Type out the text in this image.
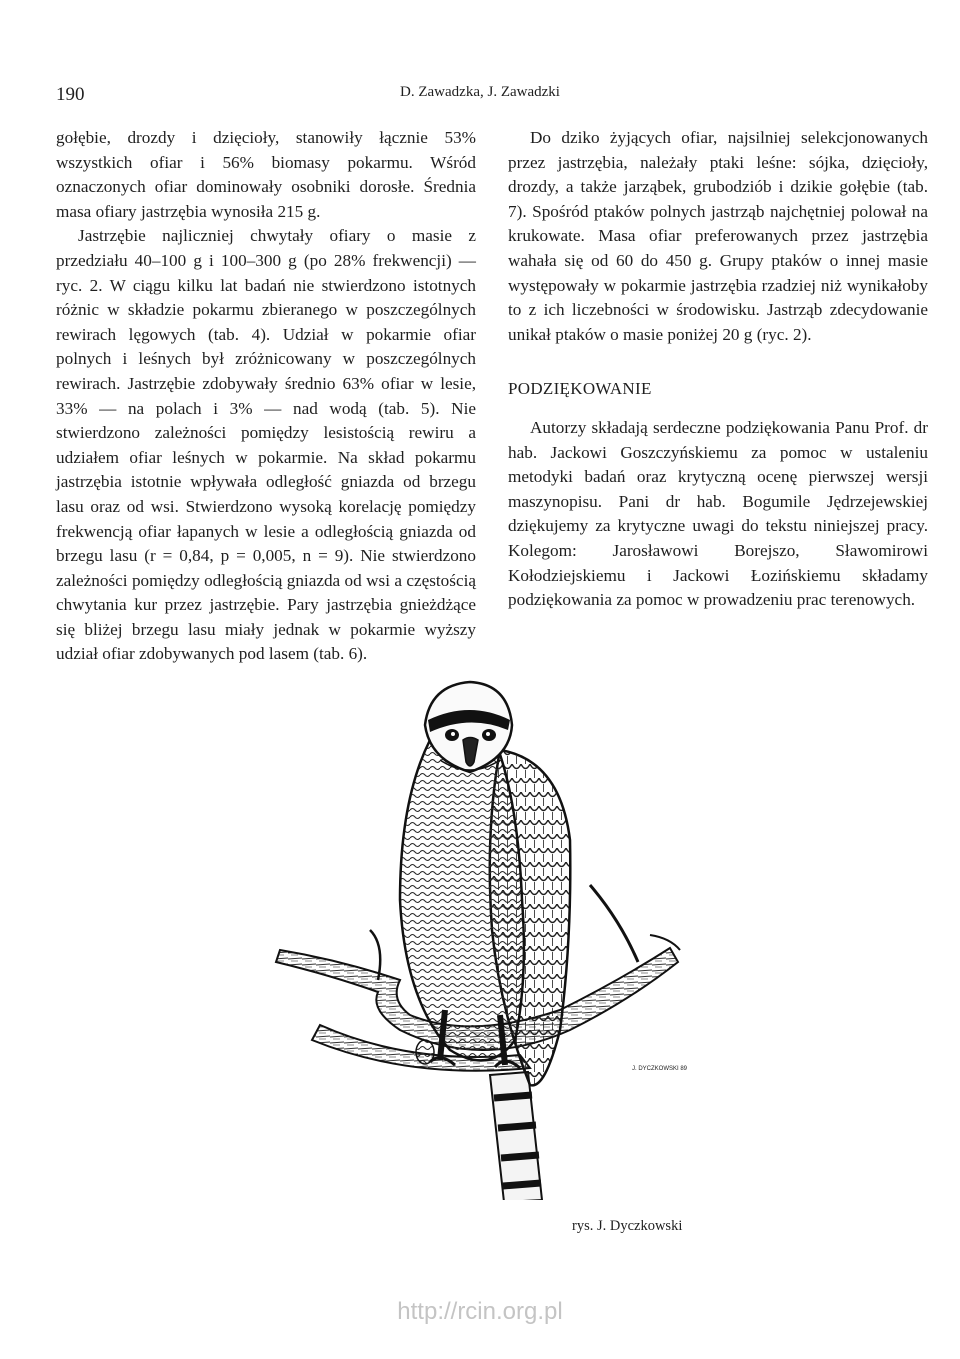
190	D. Zawadzka, J. Zawadzki

gołębie, drozdy i dzięcioły, stanowiły łącznie 53% wszystkich ofiar i 56% biomasy pokarmu. Wśród oznaczonych ofiar dominowały osobniki dorosłe. Średnia masa ofiary jastrzębia wynosiła 215 g.

Jastrzębie najliczniej chwytały ofiary o masie z przedziału 40–100 g i 100–300 g (po 28% frekwencji) — ryc. 2. W ciągu kilku lat badań nie stwierdzono istotnych różnic w składzie pokarmu zbieranego w poszczególnych rewirach lęgowych (tab. 4). Udział w pokarmie ofiar polnych i leśnych był zróżnicowany w poszczególnych rewirach. Jastrzębie zdobywały średnio 63% ofiar w lesie, 33% — na polach i 3% — nad wodą (tab. 5). Nie stwierdzono zależności pomiędzy lesistością rewiru a udziałem ofiar leśnych w pokarmie. Na skład pokarmu jastrzębia istotnie wpływała odległość gniazda od brzegu lasu oraz od wsi. Stwierdzono wysoką korelację pomiędzy frekwencją ofiar łapanych w lesie a odległością gniazda od brzegu lasu (r = 0,84, p = 0,005, n = 9). Nie stwierdzono zależności pomiędzy odległością gniazda od wsi a częstością chwytania kur przez jastrzębie. Pary jastrzębia gnieżdżące się bliżej brzegu lasu miały jednak w pokarmie wyższy udział ofiar zdobywanych pod lasem (tab. 6).

Do dziko żyjących ofiar, najsilniej selekcjonowanych przez jastrzębia, należały ptaki leśne: sójka, dzięcioły, drozdy, a także jarząbek, grubodziób i dzikie gołębie (tab. 7). Spośród ptaków polnych jastrząb najchętniej polował na krukowate. Masa ofiar preferowanych przez jastrzębia wahała się od 60 do 450 g. Grupy ptaków o innej masie występowały w pokarmie jastrzębia rzadziej niż wynikałoby to z ich liczebności w środowisku. Jastrząb zdecydowanie unikał ptaków o masie poniżej 20 g (ryc. 2).

PODZIĘKOWANIE

Autorzy składają serdeczne podziękowania Panu Prof. dr hab. Jackowi Goszczyńskiemu za pomoc w ustaleniu metodyki badań oraz krytyczną ocenę pierwszej wersji maszynopisu. Pani dr hab. Bogumile Jędrzejewskiej dziękujemy za krytyczne uwagi do tekstu niniejszej pracy. Kolegom: Jarosławowi Borejszo, Sławomirowi Kołodziejskiemu i Jackowi Łozińskiemu składamy podziękowania za pomoc w prowadzeniu prac terenowych.

J. DYCZKOWSKI 89
rys. J. Dyczkowski
http://rcin.org.pl
